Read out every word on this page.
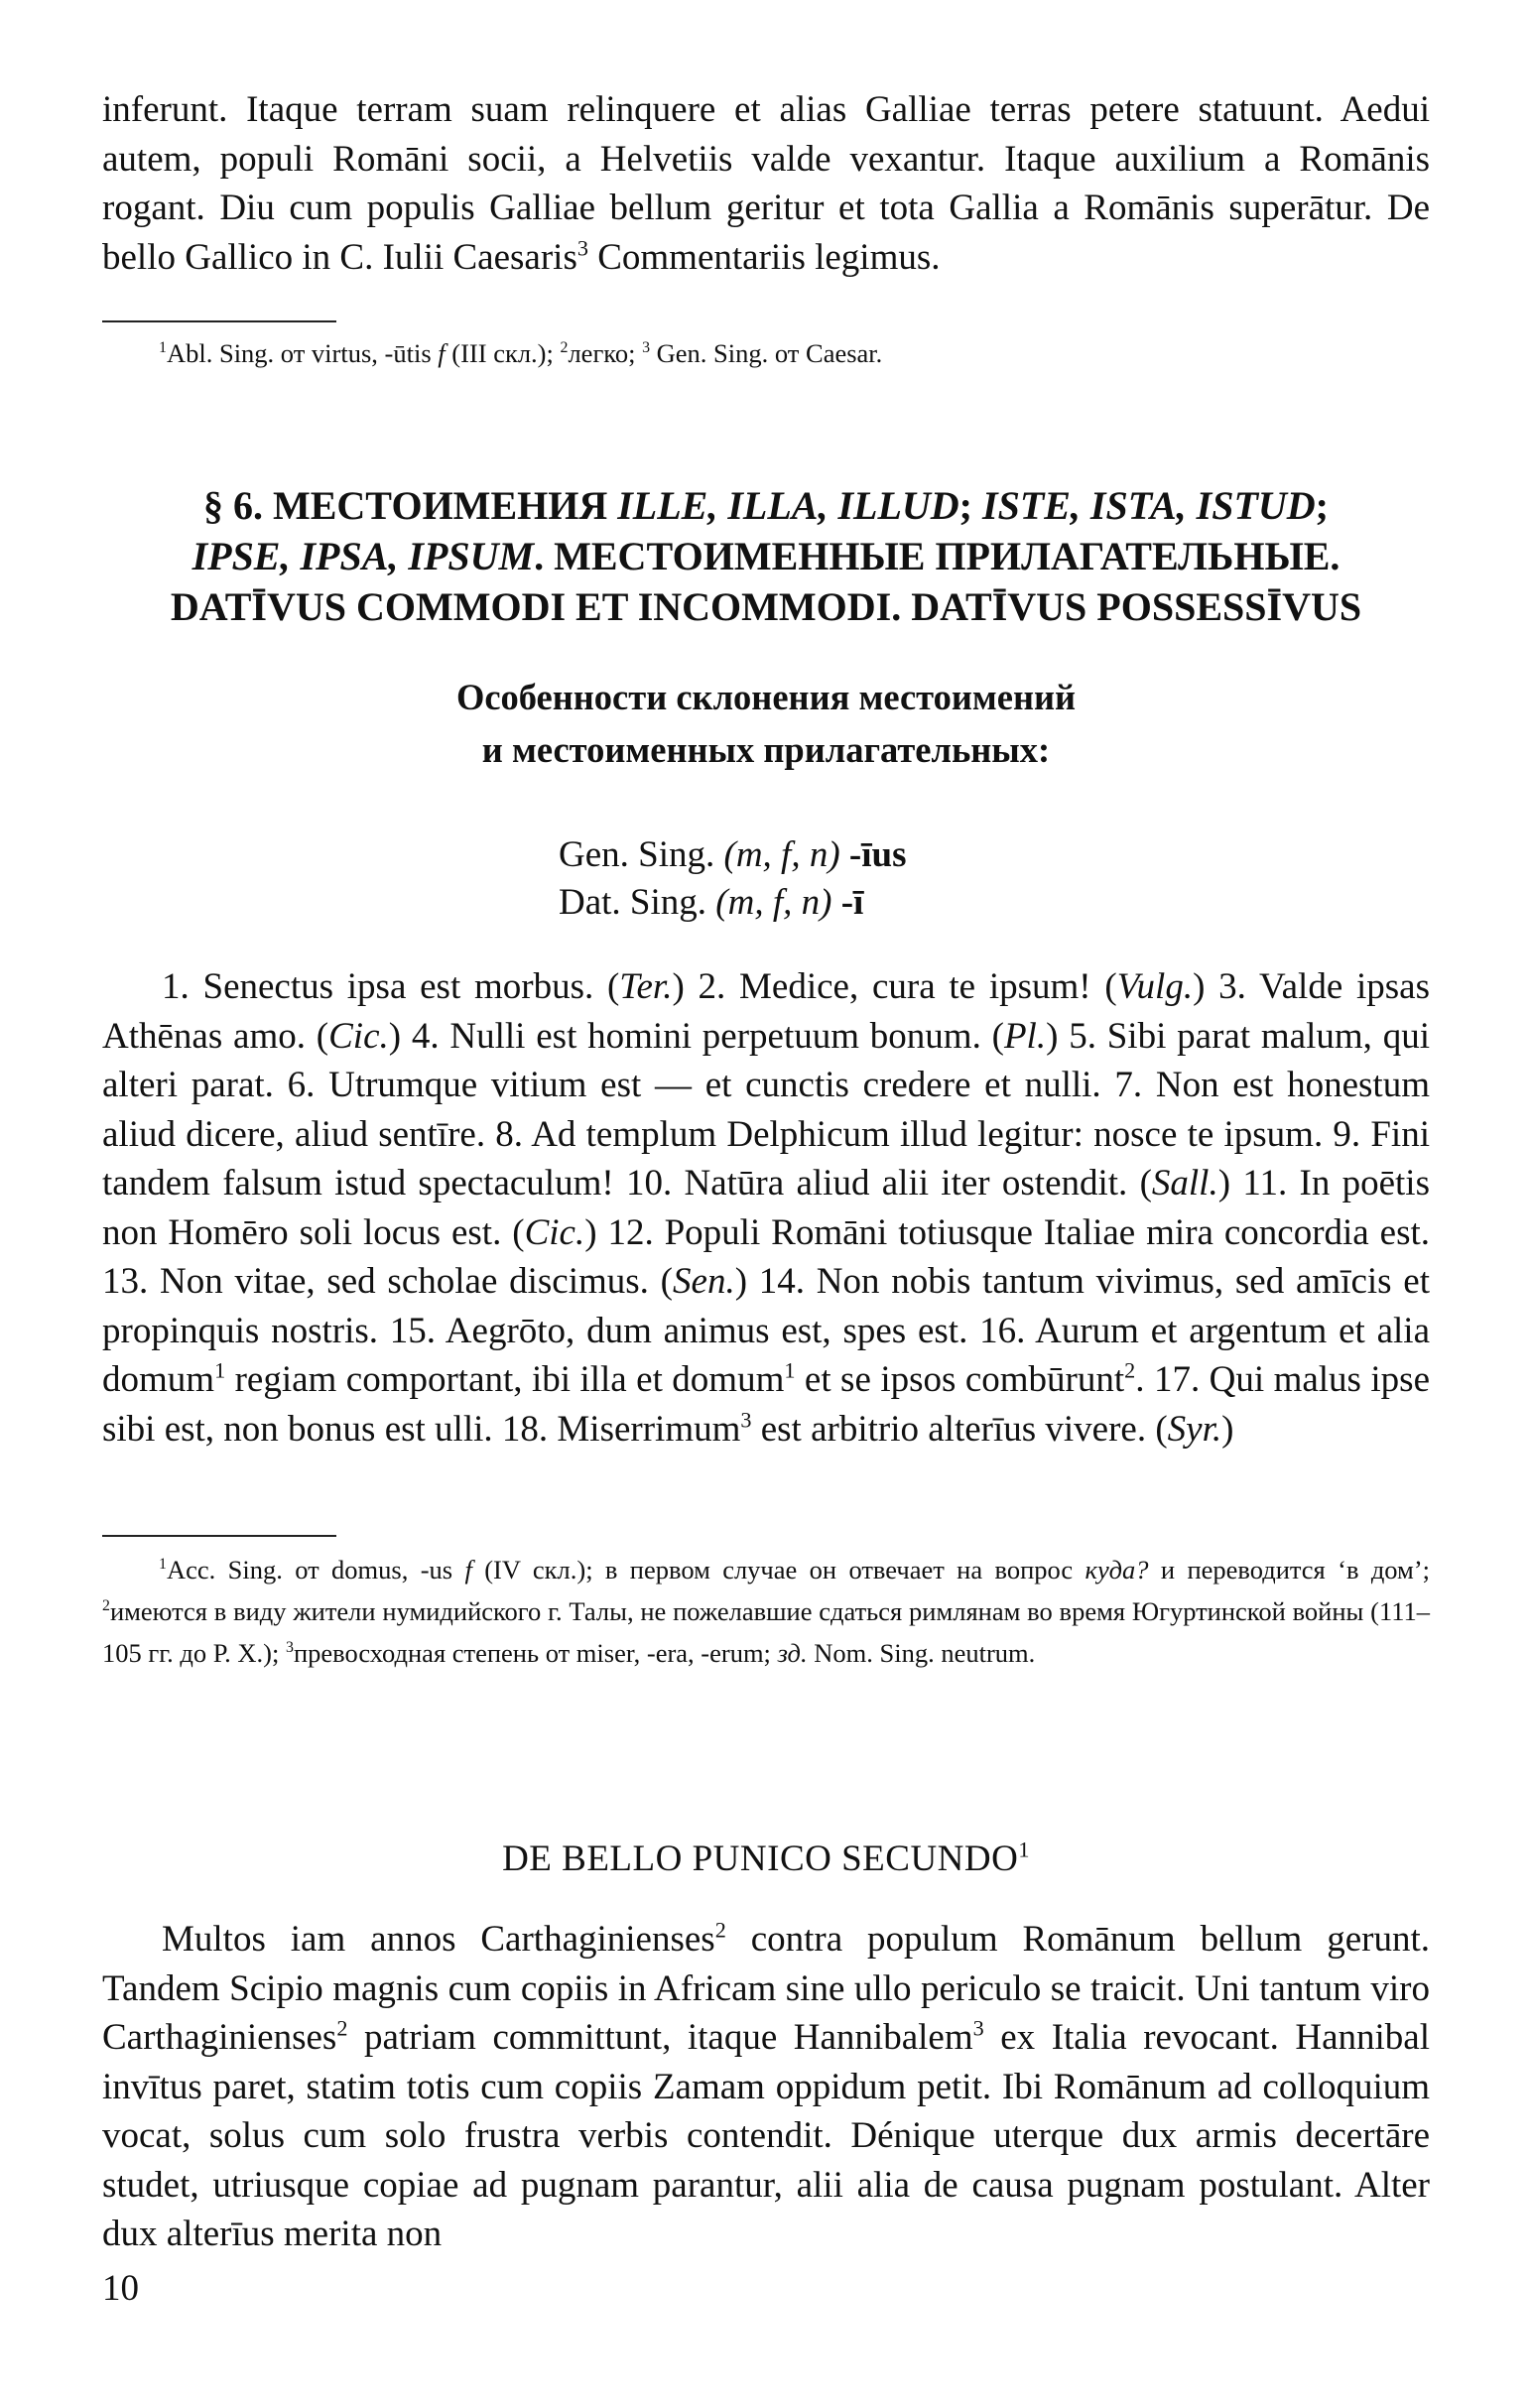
inferunt. Itaque terram suam relinquere et alias Galliae terras petere statuunt. Aedui autem, populi Romāni socii, a Helvetiis valde vexantur. Itaque auxilium a Romānis rogant. Diu cum populis Galliae bellum geritur et tota Gallia a Romānis superātur. De bello Gallico in C. Iulii Caesaris$^3$ Commentariis legimus.

$^1$Abl. Sing. от virtus, -ūtis f (III скл.); $^2$легко; $^3$ Gen. Sing. от Caesar.

§ 6. МЕСТОИМЕНИЯ ILLE, ILLA, ILLUD; ISTE, ISTA, ISTUD;
IPSE, IPSA, IPSUM. МЕСТОИМЕННЫЕ ПРИЛАГАТЕЛЬНЫЕ.
DATĪVUS COMMODI ET INCOMMODI. DATĪVUS POSSESSĪVUS
Особенности склонения местоимений
и местоименных прилагательных:
Gen. Sing. (m, f, n) -īus
Dat. Sing. (m, f, n) -ī

1. Senectus ipsa est morbus. (Ter.) 2. Medice, cura te ipsum! (Vulg.) 3. Valde ipsas Athēnas amo. (Cic.) 4. Nulli est homini perpetuum bonum. (Pl.) 5. Sibi parat malum, qui alteri parat. 6. Utrumque vitium est — et cunctis credere et nulli. 7. Non est honestum aliud dicere, aliud sentīre. 8. Ad templum Delphicum illud legitur: nosce te ipsum. 9. Fini tandem falsum istud spectaculum! 10. Natūra aliud alii iter ostendit. (Sall.) 11. In poētis non Homēro soli locus est. (Cic.) 12. Populi Romāni totiusque Italiae mira concordia est. 13. Non vitae, sed scholae discimus. (Sen.) 14. Non nobis tantum vivimus, sed amīcis et propinquis nostris. 15. Aegrōto, dum animus est, spes est. 16. Aurum et argentum et alia domum$^1$ regiam comportant, ibi illa et domum$^1$ et se ipsos combūrunt$^2$. 17. Qui malus ipse sibi est, non bonus est ulli. 18. Miserrimum$^3$ est arbitrio alterīus vivere. (Syr.)

$^1$Acc. Sing. от domus, -us f (IV скл.); в первом случае он отвечает на вопрос куда? и переводится ‘в дом’; $^2$имеются в виду жители нумидийского г. Талы, не пожелавшие сдаться римлянам во время Югуртинской войны (111–105 гг. до Р. Х.); $^3$превосходная степень от miser, -era, -erum; зд. Nom. Sing. neutrum.

DE BELLO PUNICO SECUNDO$^1$

Multos iam annos Carthaginienses$^2$ contra populum Romānum bellum gerunt. Tandem Scipio magnis cum copiis in Africam sine ullo periculo se traicit. Uni tantum viro Carthaginienses$^2$ patriam committunt, itaque Hannibalem$^3$ ex Italia revocant. Hannibal invītus paret, statim totis cum copiis Zamam oppidum petit. Ibi Romānum ad colloquium vocat, solus cum solo frustra verbis contendit. Dénique uterque dux armis decertāre studet, utriusque copiae ad pugnam parantur, alii alia de causa pugnam postulant. Alter dux alterīus merita non

10
